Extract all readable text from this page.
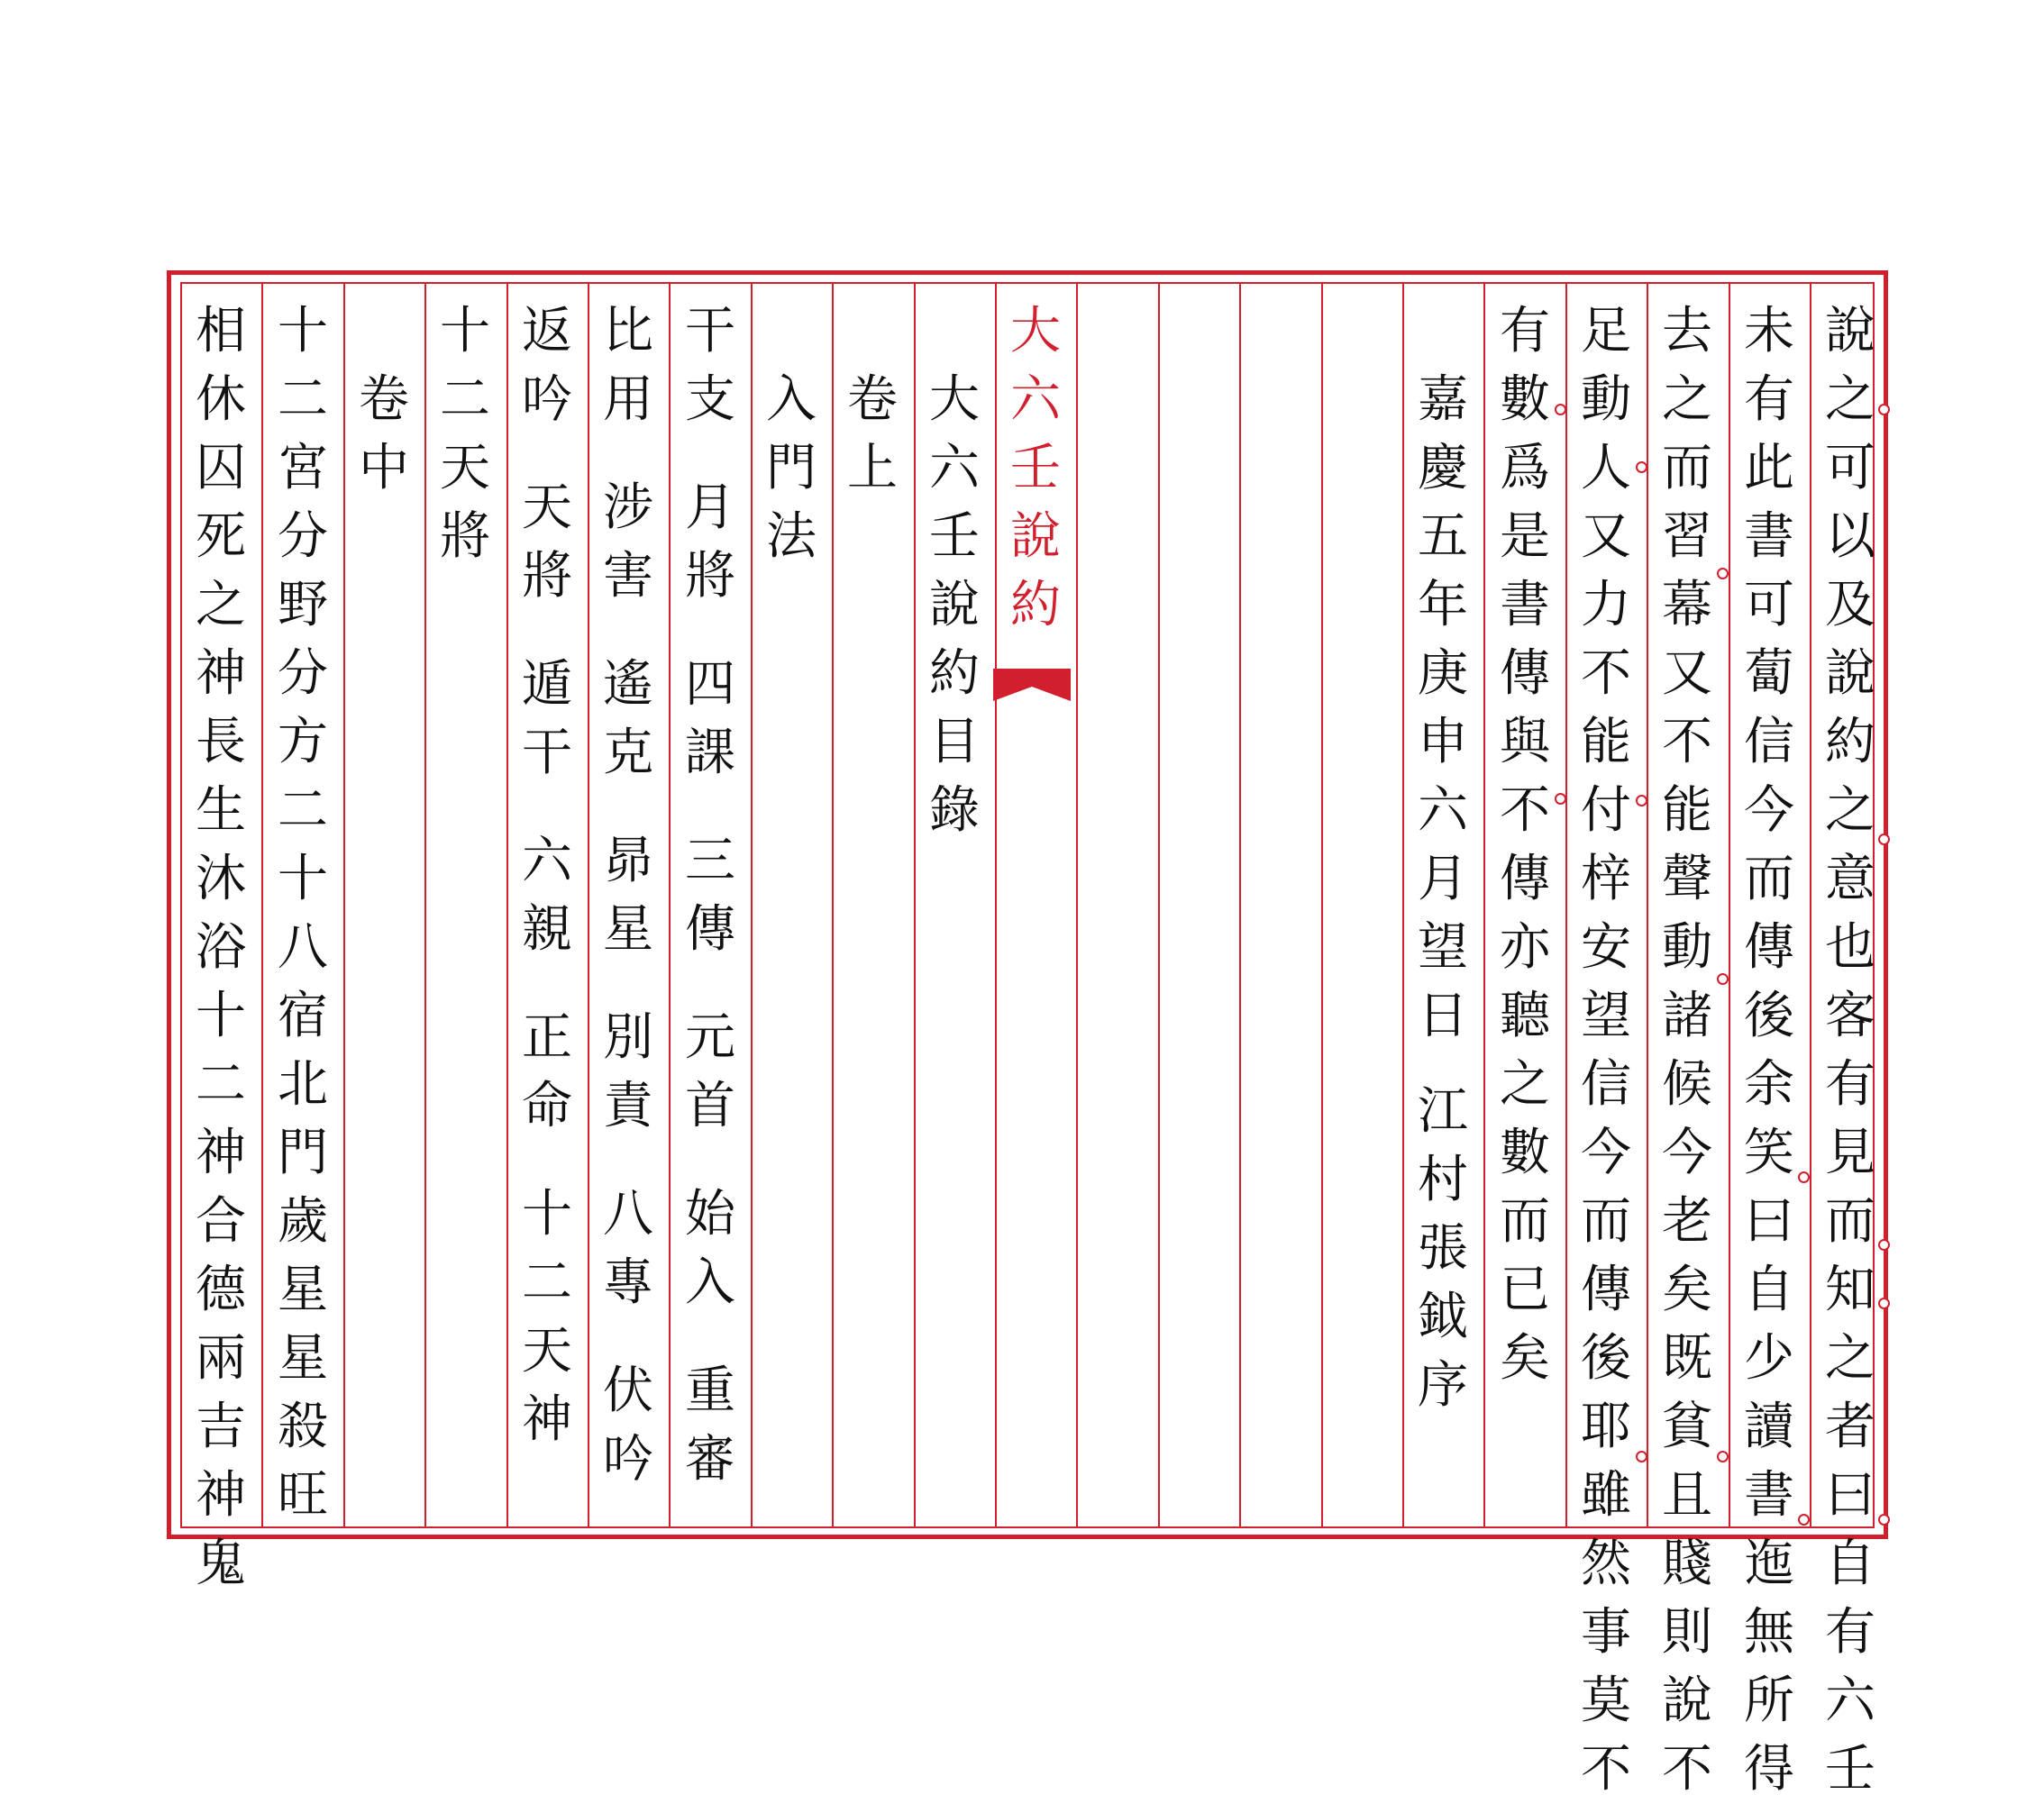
說
之
可
以
及
說
約
之
意
也
客
有
見
而
知
之
者
曰
自
有
六
壬
未
有
此
書
可
蔔
信
今
而
傳
後
余
笑
曰
自
少
讀
書
迤
無
所
得
去
之
而
習
幕
又
不
能
聲
動
諸
候
今
老
矣
既
貧
且
賤
則
說
不
足
動
人
又
力
不
能
付
梓
安
望
信
今
而
傳
後
耶
雖
然
事
莫
不
有
數
爲
是
書
傳
與
不
傳
亦
聽
之
數
而
已
矣
嘉
慶
五
年
庚
申
六
月
望
日
江
村
張
鉞
序
大
六
壬
說
約
大
六
壬
說
約
目
錄
卷
上
入
門
法
干
支
月
將
四
課
三
傳
元
首
始
入
重
審
比
用
涉
害
遙
克
昴
星
別
責
八
專
伏
吟
返
吟
天
將
遁
干
六
親
正
命
十
二
天
神
十
二
天
將
卷
中
十
二
宮
分
野
分
方
二
十
八
宿
北
門
歲
星
星
殺
旺
相
休
囚
死
之
神
長
生
沐
浴
十
二
神
合
德
兩
吉
神
鬼
